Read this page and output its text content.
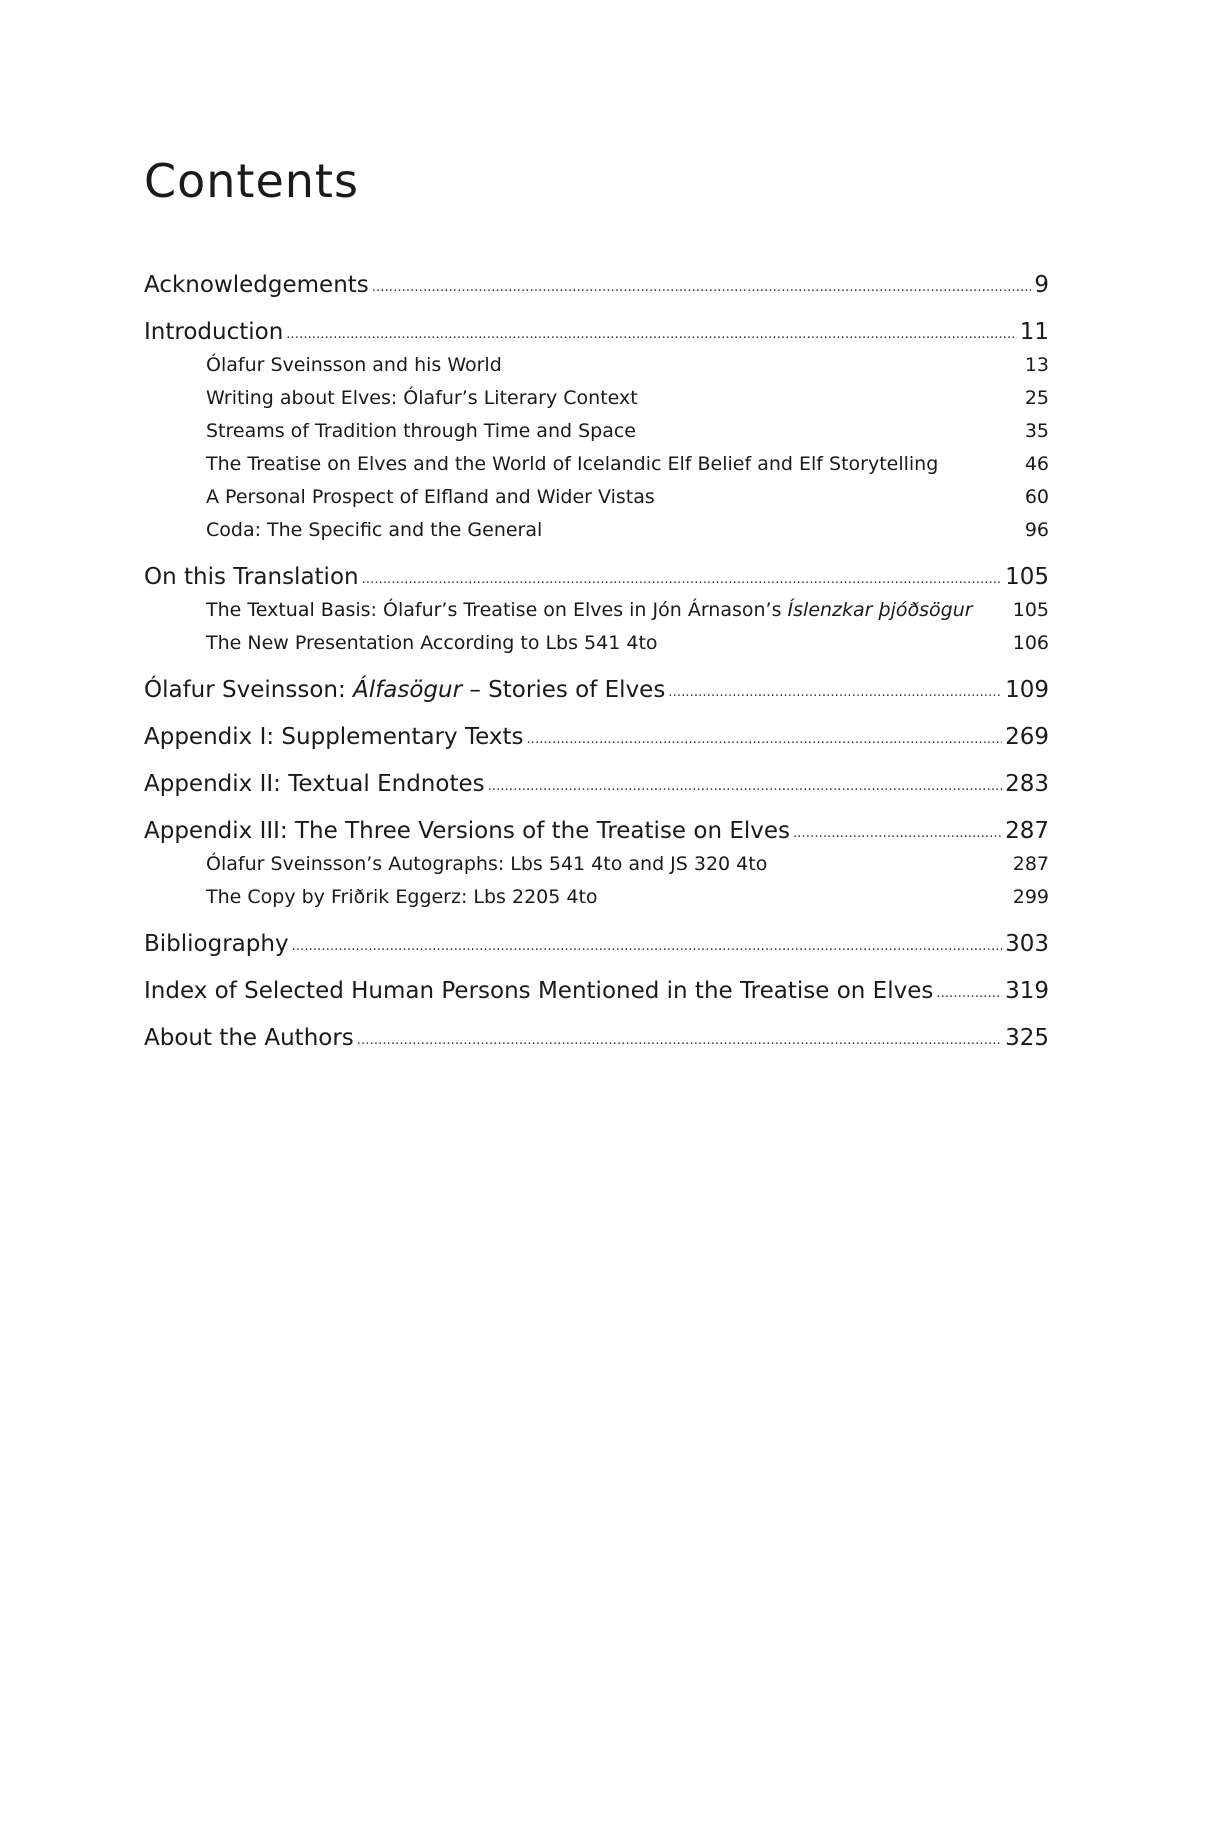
Contents
Acknowledgements . . .	9
Introduction . . .	11
Ólafur Sveinsson and his World	13
Writing about Elves: Ólafur’s Literary Context	25
Streams of Tradition through Time and Space	35
The Treatise on Elves and the World of Icelandic Elf Belief and Elf Storytelling	46
A Personal Prospect of Elfland and Wider Vistas	60
Coda: The Specific and the General	96
On this Translation . . .	105
The Textual Basis: Ólafur’s Treatise on Elves in Jón Árnason’s Íslenzkar þjóðsögur 105
The New Presentation According to Lbs 541 4to	106
Ólafur Sveinsson: Álfasögur – Stories of Elves . . .	109
Appendix I: Supplementary Texts . . .	269
Appendix II: Textual Endnotes . . .	283
Appendix III: The Three Versions of the Treatise on Elves . . .	287
Ólafur Sveinsson’s Autographs: Lbs 541 4to and JS 320 4to	287
The Copy by Friðrik Eggerz: Lbs 2205 4to	299
Bibliography . . .	303
Index of Selected Human Persons Mentioned in the Treatise on Elves . . .	319
About the Authors . . .	325
